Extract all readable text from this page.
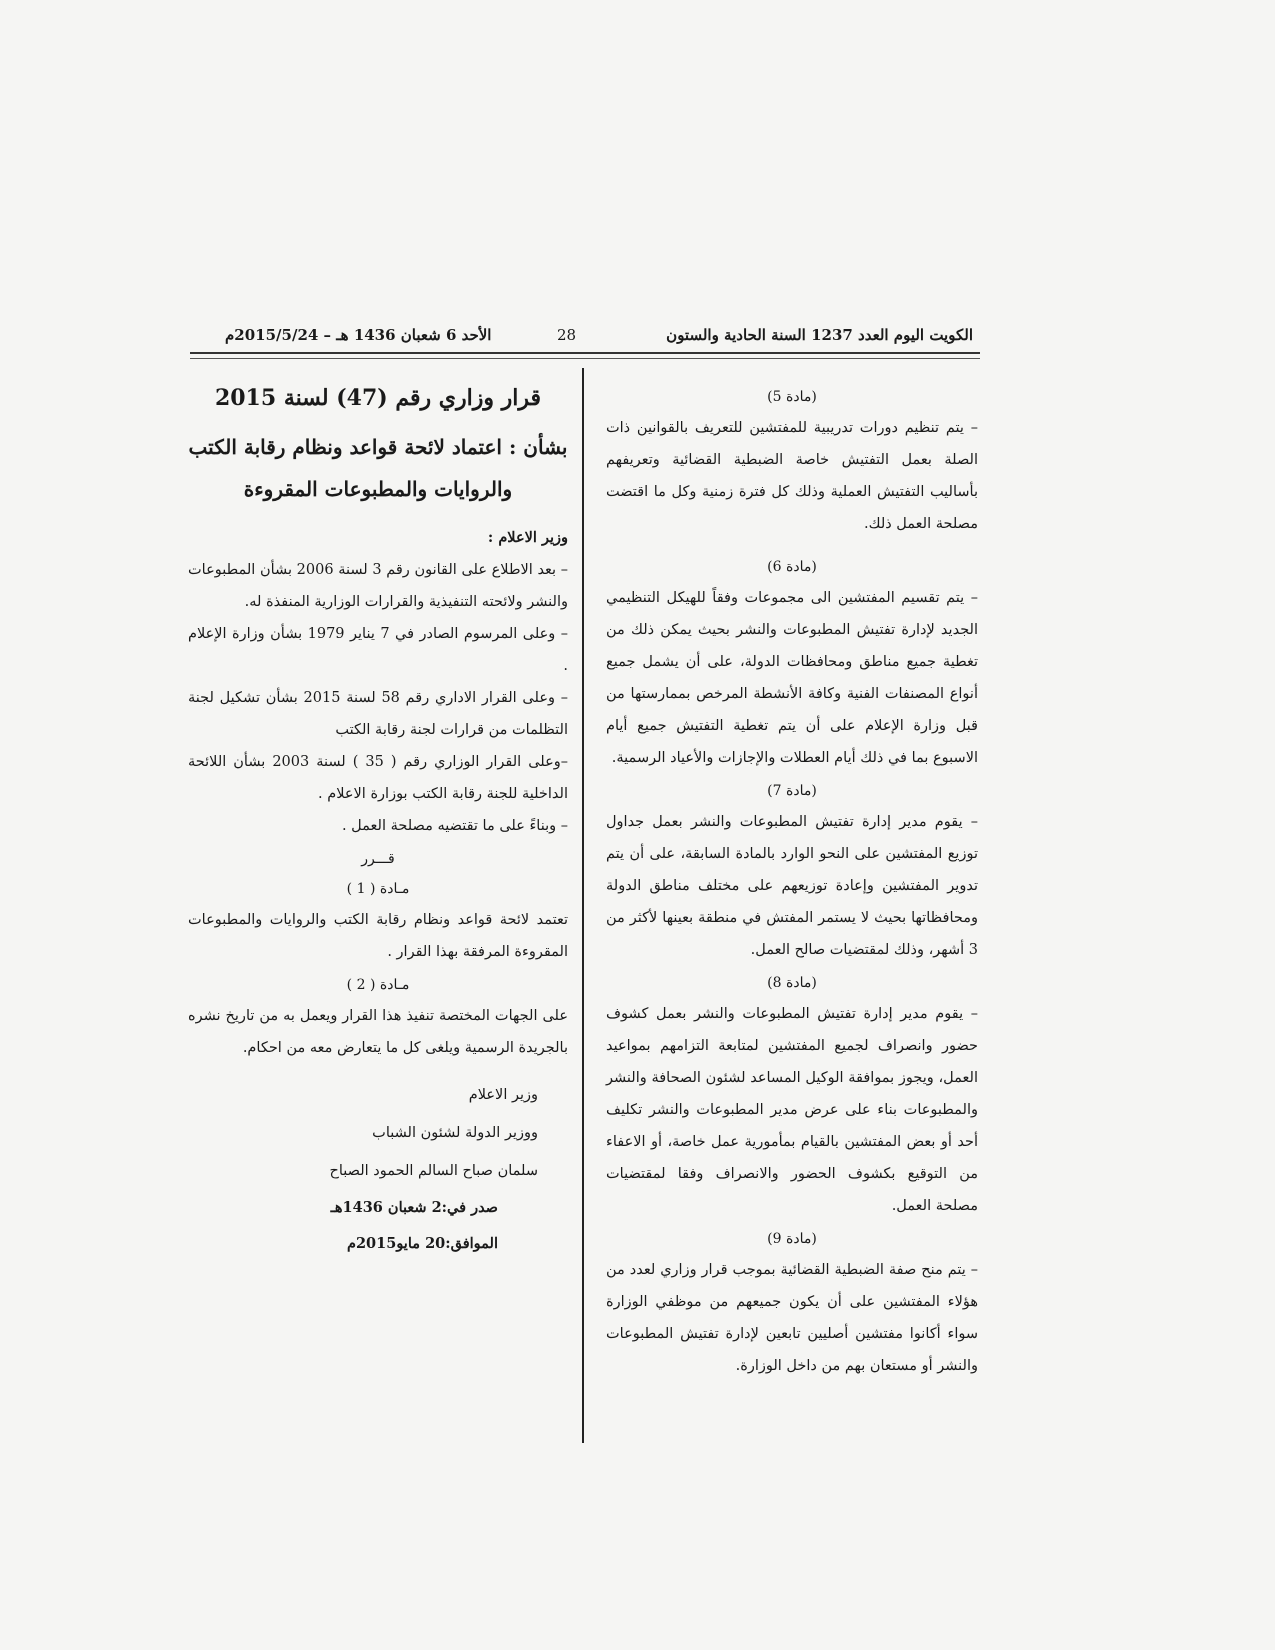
الكويت اليوم العدد 1237 السنة الحادية والستون
28
الأحد 6 شعبان 1436 هـ – 2015/5/24م
(مادة 5)

– يتم تنظيم دورات تدريبية للمفتشين للتعريف بالقوانين ذات الصلة بعمل التفتيش خاصة الضبطية القضائية وتعريفهم بأساليب التفتيش العملية وذلك كل فترة زمنية وكل ما اقتضت مصلحة العمل ذلك.

(مادة 6)

– يتم تقسيم المفتشين الى مجموعات وفقاً للهيكل التنظيمي الجديد لإدارة تفتيش المطبوعات والنشر بحيث يمكن ذلك من تغطية جميع مناطق ومحافظات الدولة، على أن يشمل جميع أنواع المصنفات الفنية وكافة الأنشطة المرخص بممارستها من قبل وزارة الإعلام على أن يتم تغطية التفتيش جميع أيام الاسبوع بما في ذلك أيام العطلات والإجازات والأعياد الرسمية.

(مادة 7)

– يقوم مدير إدارة تفتيش المطبوعات والنشر بعمل جداول توزيع المفتشين على النحو الوارد بالمادة السابقة، على أن يتم تدوير المفتشين وإعادة توزيعهم على مختلف مناطق الدولة ومحافظاتها بحيث لا يستمر المفتش في منطقة بعينها لأكثر من 3 أشهر، وذلك لمقتضيات صالح العمل.

(مادة 8)

– يقوم مدير إدارة تفتيش المطبوعات والنشر بعمل كشوف حضور وانصراف لجميع المفتشين لمتابعة التزامهم بمواعيد العمل، ويجوز بموافقة الوكيل المساعد لشئون الصحافة والنشر والمطبوعات بناء على عرض مدير المطبوعات والنشر تكليف أحد أو بعض المفتشين بالقيام بمأمورية عمل خاصة، أو الاعفاء من التوقيع بكشوف الحضور والانصراف وفقا لمقتضيات مصلحة العمل.

(مادة 9)

– يتم منح صفة الضبطية القضائية بموجب قرار وزاري لعدد من هؤلاء المفتشين على أن يكون جميعهم من موظفي الوزارة سواء أكانوا مفتشين أصليين تابعين لإدارة تفتيش المطبوعات والنشر أو مستعان بهم من داخل الوزارة.

قرار وزاري رقم (47) لسنة 2015
بشأن : اعتماد لائحة قواعد ونظام رقابة الكتب والروايات والمطبوعات المقروءة

وزير الاعلام :

– بعد الاطلاع على القانون رقم 3 لسنة 2006 بشأن المطبوعات والنشر ولائحته التنفيذية والقرارات الوزارية المنفذة له.

– وعلى المرسوم الصادر في 7 يناير 1979 بشأن وزارة الإعلام .

– وعلى القرار الاداري رقم 58 لسنة 2015 بشأن تشكيل لجنة التظلمات من قرارات لجنة رقابة الكتب

–وعلى القرار الوزاري رقم ( 35 ) لسنة 2003 بشأن اللائحة الداخلية للجنة رقابة الكتب بوزارة الاعلام .

– وبناءً على ما تقتضيه مصلحة العمل .

قـــرر
مـادة ( 1 )

تعتمد لائحة قواعد ونظام رقابة الكتب والروايات والمطبوعات المقروءة المرفقة بهذا القرار .

مـادة ( 2 )

على الجهات المختصة تنفيذ هذا القرار ويعمل به من تاريخ نشره بالجريدة الرسمية ويلغى كل ما يتعارض معه من احكام.

وزير الاعلام

ووزير الدولة لشئون الشباب

سلمان صباح السالم الحمود الصباح

صدر في:2 شعبان 1436هـ

الموافق:20 مايو2015م
